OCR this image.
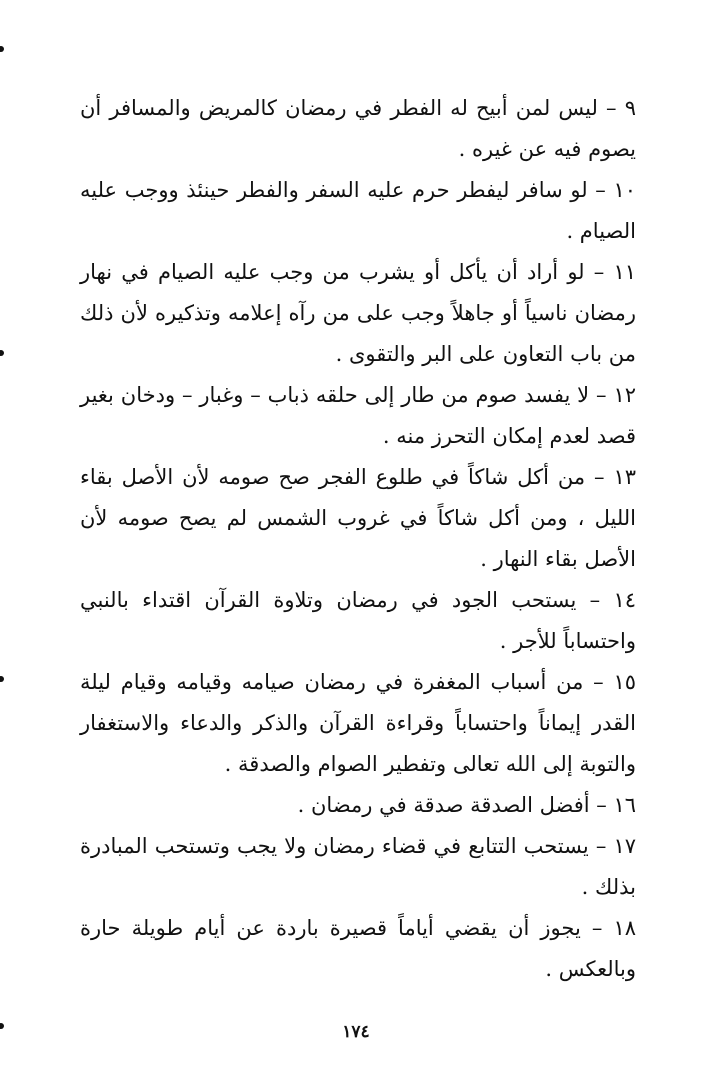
٩ – ليس لمن أبيح له الفطر في رمضان كالمريض والمسافر أن يصوم فيه عن غيره .

١٠ – لو سافر ليفطر حرم عليه السفر والفطر حينئذ ووجب عليه الصيام .

١١ – لو أراد أن يأكل أو يشرب من وجب عليه الصيام في نهار رمضان ناسياً أو جاهلاً وجب على من رآه إعلامه وتذكيره لأن ذلك من باب التعاون على البر والتقوى .

١٢ – لا يفسد صوم من طار إلى حلقه ذباب – وغبار – ودخان بغير قصد لعدم إمكان التحرز منه .

١٣ – من أكل شاكاً في طلوع الفجر صح صومه لأن الأصل بقاء الليل ، ومن أكل شاكاً في غروب الشمس لم يصح صومه لأن الأصل بقاء النهار .

١٤ – يستحب الجود في رمضان وتلاوة القرآن اقتداء بالنبي واحتساباً للأجر .

١٥ – من أسباب المغفرة في رمضان صيامه وقيامه وقيام ليلة القدر إيماناً واحتساباً وقراءة القرآن والذكر والدعاء والاستغفار والتوبة إلى الله تعالى وتفطير الصوام والصدقة .

١٦ – أفضل الصدقة صدقة في رمضان .

١٧ – يستحب التتابع في قضاء رمضان ولا يجب وتستحب المبادرة بذلك .

١٨ – يجوز أن يقضي أياماً قصيرة باردة عن أيام طويلة حارة وبالعكس .

١٧٤
